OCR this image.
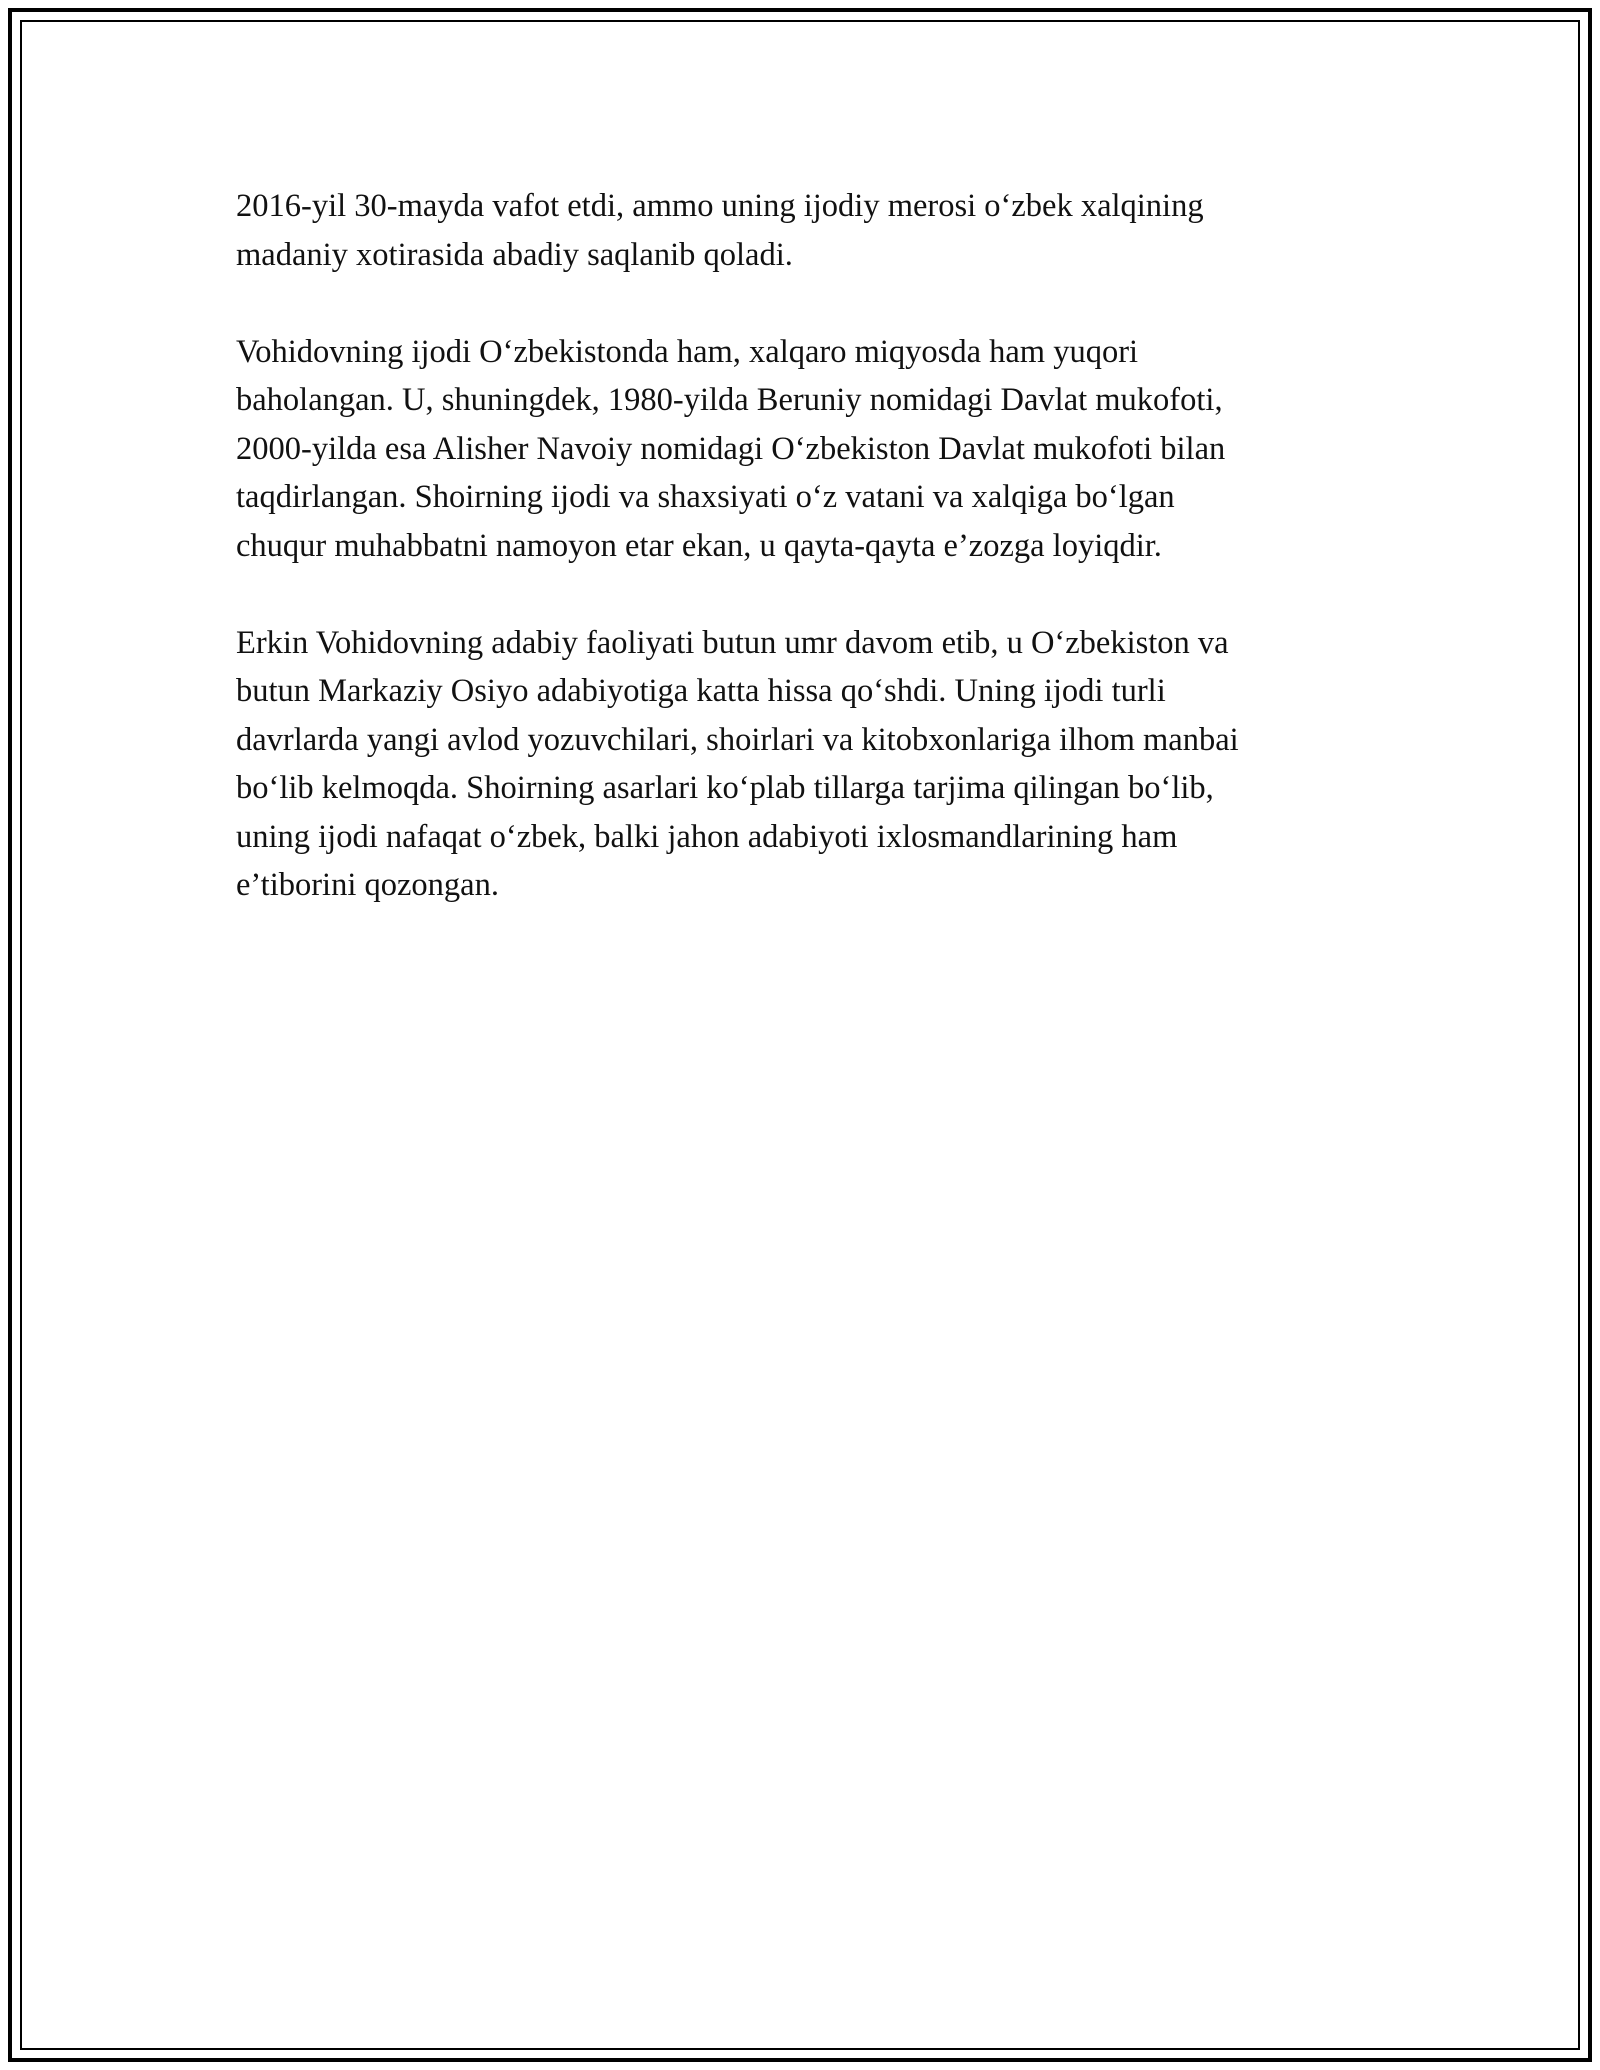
2016-yil 30-mayda vafot etdi, ammo uning ijodiy merosi o‘zbek xalqining
madaniy xotirasida abadiy saqlanib qoladi.

Vohidovning ijodi O‘zbekistonda ham, xalqaro miqyosda ham yuqori
baholangan. U, shuningdek, 1980-yilda Beruniy nomidagi Davlat mukofoti,
2000-yilda esa Alisher Navoiy nomidagi O‘zbekiston Davlat mukofoti bilan
taqdirlangan. Shoirning ijodi va shaxsiyati o‘z vatani va xalqiga bo‘lgan
chuqur muhabbatni namoyon etar ekan, u qayta-qayta e’zozga loyiqdir.

Erkin Vohidovning adabiy faoliyati butun umr davom etib, u O‘zbekiston va
butun Markaziy Osiyo adabiyotiga katta hissa qo‘shdi. Uning ijodi turli
davrlarda yangi avlod yozuvchilari, shoirlari va kitobxonlariga ilhom manbai
bo‘lib kelmoqda. Shoirning asarlari ko‘plab tillarga tarjima qilingan bo‘lib,
uning ijodi nafaqat o‘zbek, balki jahon adabiyoti ixlosmandlarining ham
e’tiborini qozongan.
